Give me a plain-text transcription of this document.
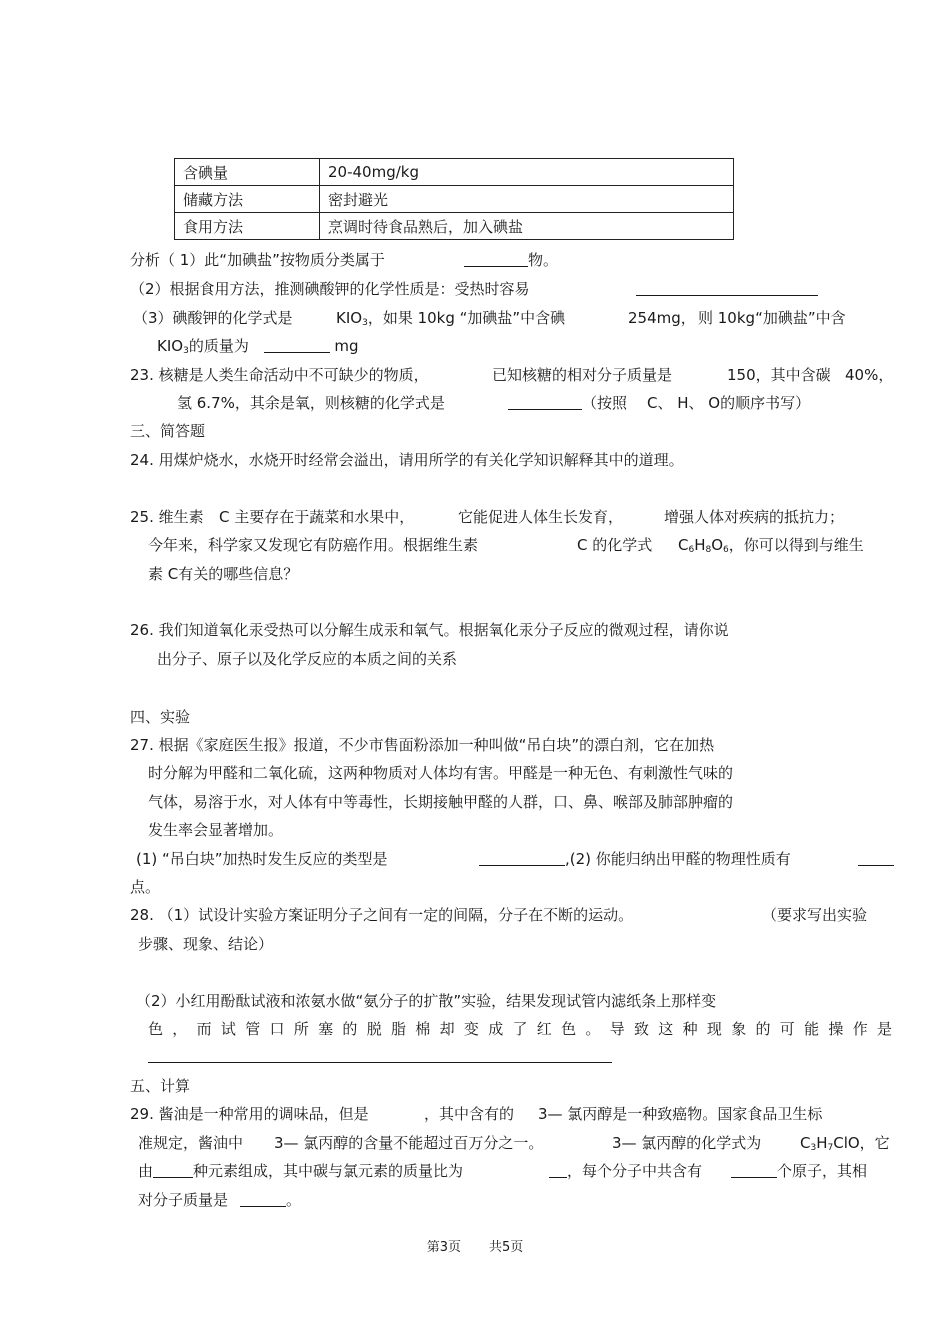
含碘量	20-40mg/kg
储藏方法	密封避光
食用方法	烹调时待食品熟后，加入碘盐
分析（ 1）此“加碘盐”按物质分类属于	物。
（2）根据食用方法，推测碘酸钾的化学性质是：受热时容易
（3）碘酸钾的化学式是	$KIO_3$，如果 10kg “加碘盐”中含碘	254mg， 则 10kg“加碘盐”中含
$KIO_3$的质量为	mg
23. 核糖是人类生命活动中不可缺少的物质，	已知核糖的相对分子质量是	150，其中含碳 40%，
氢 6.7%，其余是氧，则核糖的化学式是	（按照 C、 H、 O的顺序书写）
三、简答题
24. 用煤炉烧水，水烧开时经常会溢出，请用所学的有关化学知识解释其中的道理。
25. 维生素 C 主要存在于蔬菜和水果中，	它能促进人体生长发育，	增强人体对疾病的抵抗力；
今年来，科学家又发现它有防癌作用。根据维生素	C 的化学式 $C_6H_8O_6$，你可以得到与维生
素 C有关的哪些信息？
26. 我们知道氧化汞受热可以分解生成汞和氧气。根据氧化汞分子反应的微观过程，请你说
出分子、原子以及化学反应的本质之间的关系
四、实验
27. 根据《家庭医生报》报道，不少市售面粉添加一种叫做“吊白块”的漂白剂，它在加热
时分解为甲醛和二氧化硫，这两种物质对人体均有害。甲醛是一种无色、有刺激性气味的
气体，易溶于水，对人体有中等毒性，长期接触甲醛的人群，口、鼻、喉部及肺部肿瘤的
发生率会显著增加。
(1) “吊白块”加热时发生反应的类型是	,(2) 你能归纳出甲醛的物理性质有
点。
28. （1）试设计实验方案证明分子之间有一定的间隔，分子在不断的运动。	（要求写出实验
步骤、现象、结论）
（2）小红用酚酞试液和浓氨水做“氨分子的扩散”实验，结果发现试管内滤纸条上那样变
色，而试管口所塞的脱脂棉却变成了红色。导致这种现象的可能操作是
五、计算
29. 酱油是一种常用的调味品，但是	，其中含有的 3— 氯丙醇是一种致癌物。国家食品卫生标
准规定，酱油中 3— 氯丙醇的含量不能超过百万分之一。	3— 氯丙醇的化学式为	$C_3H_7ClO$，它
由	种元素组成，其中碳与氯元素的质量比为	，每个分子中共含有	个原子，其相
对分子质量是	。
第3页 共5页
